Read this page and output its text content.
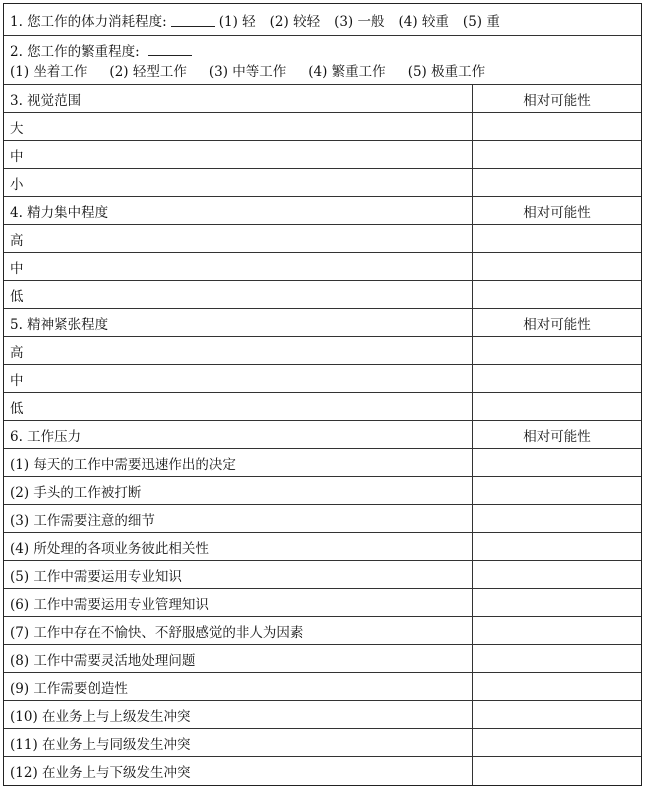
1. 您工作的体力消耗程度:	(1) 轻 (2) 较轻 (3) 一般 (4) 较重 (5) 重
2. 您工作的繁重程度:
(1) 坐着工作 (2) 轻型工作 (3) 中等工作 (4) 繁重工作 (5) 极重工作
3. 视觉范围	相对可能性
大
中
小
4. 精力集中程度	相对可能性
高
中
低
5. 精神紧张程度	相对可能性
高
中
低
6. 工作压力	相对可能性
(1) 每天的工作中需要迅速作出的决定
(2) 手头的工作被打断
(3) 工作需要注意的细节
(4) 所处理的各项业务彼此相关性
(5) 工作中需要运用专业知识
(6) 工作中需要运用专业管理知识
(7) 工作中存在不愉快、不舒服感觉的非人为因素
(8) 工作中需要灵活地处理问题
(9) 工作需要创造性
(10) 在业务上与上级发生冲突
(11) 在业务上与同级发生冲突
(12) 在业务上与下级发生冲突
